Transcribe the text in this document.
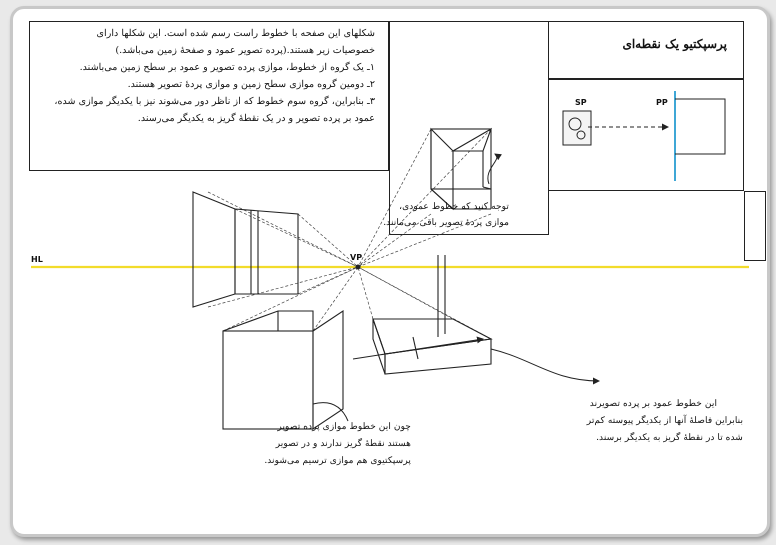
شکلهای این صفحه با خطوط راست رسم شده است. این شکلها دارای
خصوصیات زیر هستند.(پرده تصویر عمود و صفحهٔ زمین می‌باشد.)
۱ـ یک گروه از خطوط، موازی پرده تصویر و عمود بر سطح زمین می‌باشند.
۲ـ دومین گروه موازی سطح زمین و موازی پردهٔ تصویر هستند.
۳ـ بنابراین، گروه سوم خطوط که از ناظر دور می‌شوند نیز با یکدیگر موازی شده،
عمود بر پرده تصویر و در یک نقطهٔ گریز به یکدیگر می‌رسند.
پرسپکتیو یک نقطه‌ای
SP	PP
HL	VP
توجه کنید که خطوط عمودی،
موازی پردهٔ تصویر باقی می‌مانند.
این خطوط عمود بر پرده تصویرند
بنابراین فاصلهٔ آنها از یکدیگر پیوسته کم‌تر
شده تا در نقطهٔ گریز به یکدیگر برسند.
چون این خطوط موازی پرده تصویر
هستند نقطهٔ گریز ندارند و در تصویر
پرسپکتیوی هم موازی ترسیم می‌شوند.
